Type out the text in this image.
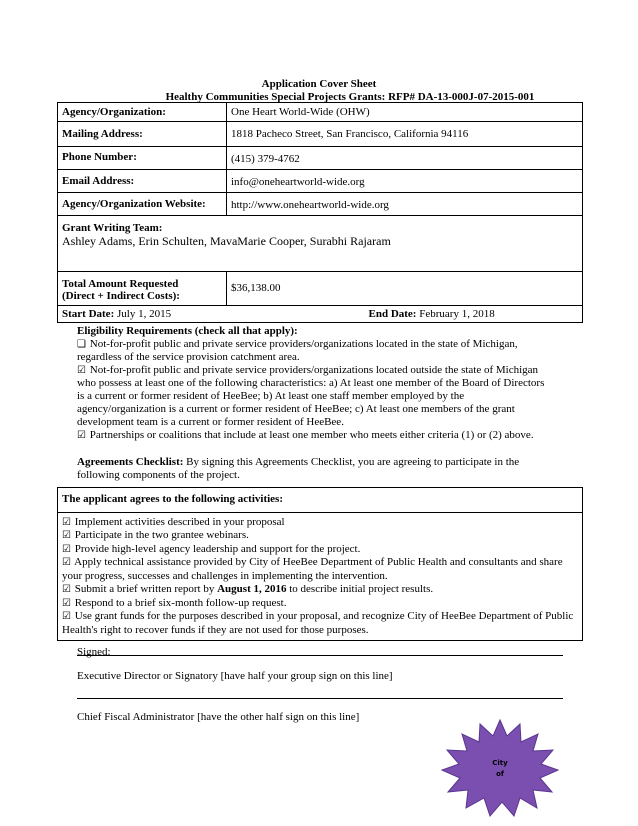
Application Cover Sheet
Healthy Communities Special Projects Grants: RFP# DA-13-000J-07-2015-001
Agency/Organization:	One Heart World-Wide (OHW)
Mailing Address:	1818 Pacheco Street, San Francisco, California 94116
Phone Number:	(415) 379-4762
Email Address:	info@oneheartworld-wide.org
Agency/Organization Website:	http://www.oneheartworld-wide.org

Grant Writing Team:
Ashley Adams, Erin Schulten, MavaMarie Cooper, Surabhi Rajaram	

Total Amount Requested
(Direct + Indirect Costs):	$36,138.00
Start Date: July 1, 2015 End Date: February 1, 2018	
Eligibility Requirements (check all that apply):
❑ Not-for-profit public and private service providers/organizations located in the state of Michigan, regardless of the service provision catchment area.
☑ Not-for-profit public and private service providers/organizations located outside the state of Michigan who possess at least one of the following characteristics: a) At least one member of the Board of Directors is a current or former resident of HeeBee; b) At least one staff member employed by the agency/organization is a current or former resident of HeeBee; c) At least one members of the grant development team is a current or former resident of HeeBee.
☑ Partnerships or coalitions that include at least one member who meets either criteria (1) or (2) above.
Agreements Checklist: By signing this Agreements Checklist, you are agreeing to participate in the following components of the project.
The applicant agrees to the following activities:

☑ Implement activities described in your proposal
☑ Participate in the two grantee webinars.
☑ Provide high-level agency leadership and support for the project.
☑ Apply technical assistance provided by City of HeeBee Department of Public Health and consultants and share your progress, successes and challenges in implementing the intervention.
☑ Submit a brief written report by August 1, 2016 to describe initial project results.
☑ Respond to a brief six-month follow-up request.
☑ Use grant funds for the purposes described in your proposal, and recognize City of HeeBee Department of Public Health's right to recover funds if they are not used for those purposes.
Signed:
Executive Director or Signatory [have half your group sign on this line]
Chief Fiscal Administrator [have the other half sign on this line]
City
of
